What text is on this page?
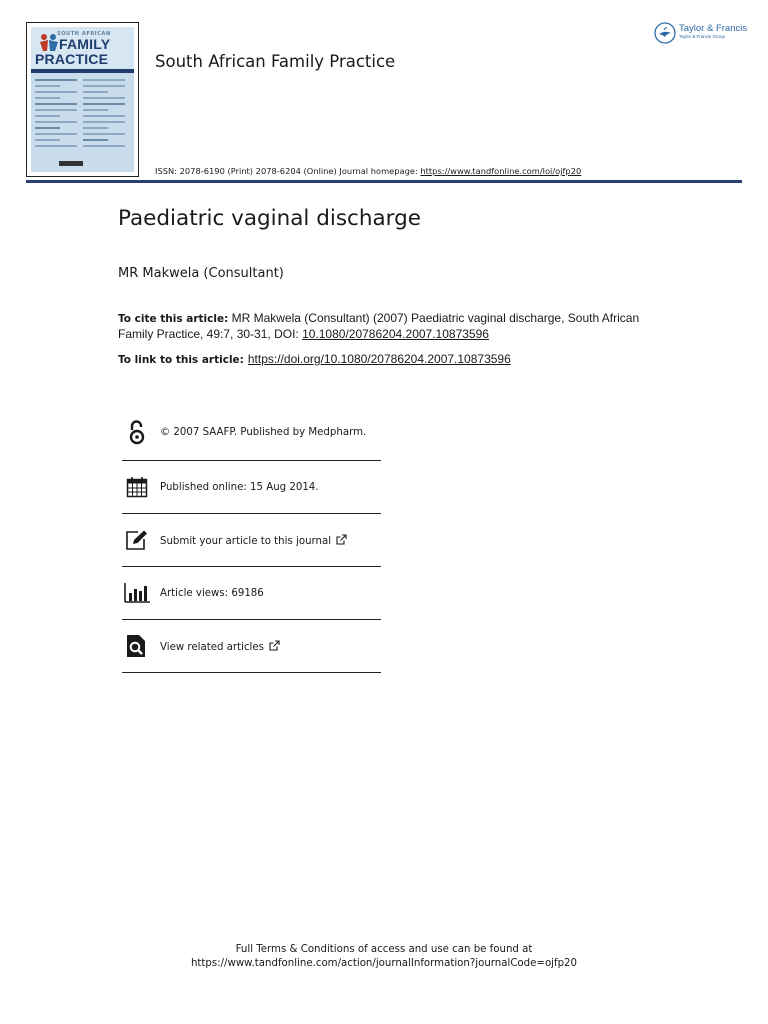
SOUTH AFRICAN
FAMILY
PRACTICE	South African Family Practice
Taylor & Francis
Taylor & Francis Group
ISSN: 2078-6190 (Print) 2078-6204 (Online) Journal homepage: https://www.tandfonline.com/loi/ojfp20
Paediatric vaginal discharge
MR Makwela (Consultant)
To cite this article: MR Makwela (Consultant) (2007) Paediatric vaginal discharge, South African Family Practice, 49:7, 30-31, DOI: 10.1080/20786204.2007.10873596
To link to this article: https://doi.org/10.1080/20786204.2007.10873596
© 2007 SAAFP. Published by Medpharm.
Published online: 15 Aug 2014.
Submit your article to this journal
Article views: 69186
View related articles
Full Terms & Conditions of access and use can be found at
https://www.tandfonline.com/action/journalInformation?journalCode=ojfp20
